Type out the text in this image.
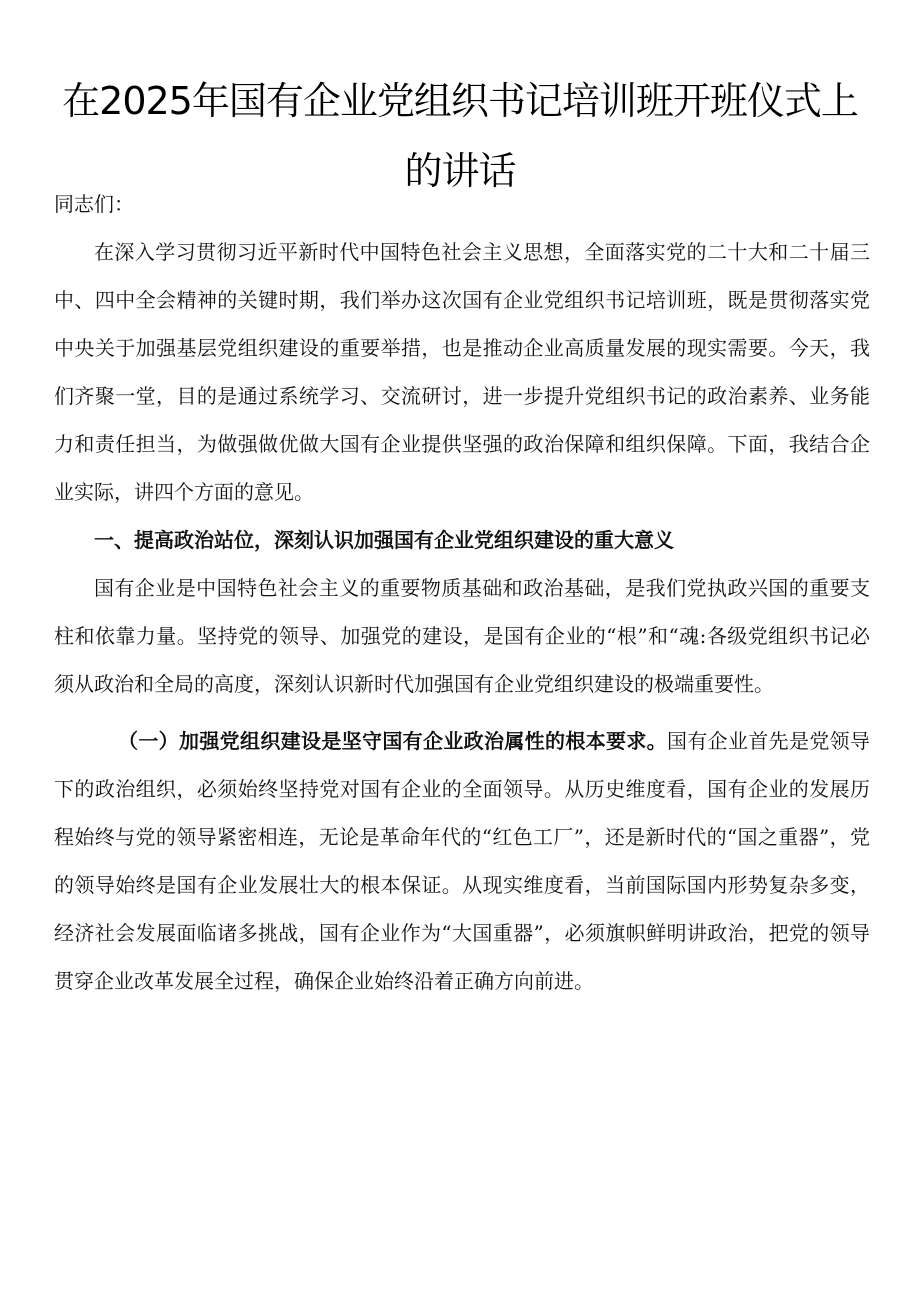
在2025年国有企业党组织书记培训班开班仪式上的讲话

同志们：

在深入学习贯彻习近平新时代中国特色社会主义思想，全面落实党的二十大和二十届三中、四中全会精神的关键时期，我们举办这次国有企业党组织书记培训班，既是贯彻落实党中央关于加强基层党组织建设的重要举措，也是推动企业高质量发展的现实需要。今天，我们齐聚一堂，目的是通过系统学习、交流研讨，进一步提升党组织书记的政治素养、业务能力和责任担当，为做强做优做大国有企业提供坚强的政治保障和组织保障。下面，我结合企业实际，讲四个方面的意见。

一、提高政治站位，深刻认识加强国有企业党组织建设的重大意义

国有企业是中国特色社会主义的重要物质基础和政治基础，是我们党执政兴国的重要支柱和依靠力量。坚持党的领导、加强党的建设，是国有企业的“根”和“魂:各级党组织书记必须从政治和全局的高度，深刻认识新时代加强国有企业党组织建设的极端重要性。

（一）加强党组织建设是坚守国有企业政治属性的根本要求。国有企业首先是党领导下的政治组织，必须始终坚持党对国有企业的全面领导。从历史维度看，国有企业的发展历程始终与党的领导紧密相连，无论是革命年代的“红色工厂”，还是新时代的“国之重器”，党的领导始终是国有企业发展壮大的根本保证。从现实维度看，当前国际国内形势复杂多变，经济社会发展面临诸多挑战，国有企业作为“大国重器”，必须旗帜鲜明讲政治，把党的领导贯穿企业改革发展全过程，确保企业始终沿着正确方向前进。
